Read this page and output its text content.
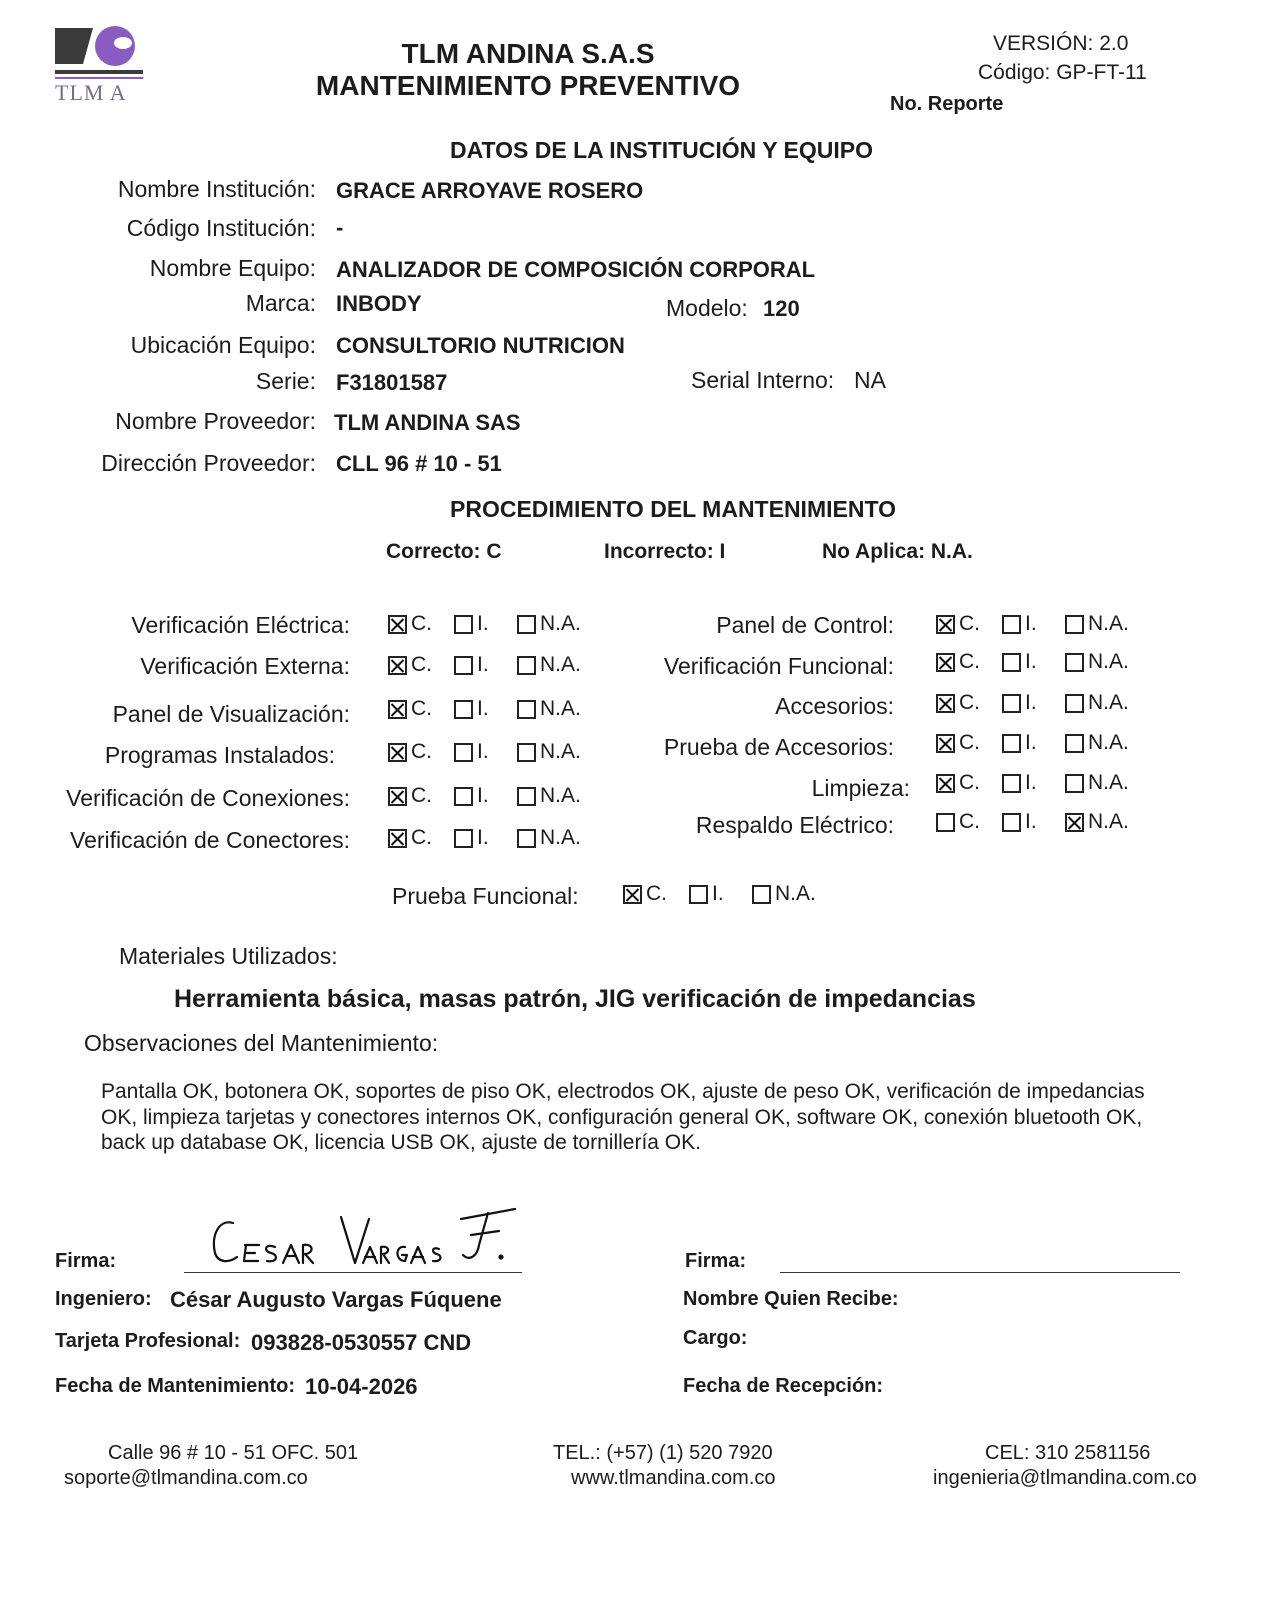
TLM A
TLM ANDINA S.A.S
MANTENIMIENTO PREVENTIVO
VERSIÓN: 2.0
Código: GP-FT-11
No. Reporte
DATOS DE LA INSTITUCIÓN Y EQUIPO
Nombre Institución: GRACE ARROYAVE ROSERO
Código Institución: -
Nombre Equipo: ANALIZADOR DE COMPOSICIÓN CORPORAL
Marca: INBODY	Modelo: 120
Ubicación Equipo: CONSULTORIO NUTRICION
Serie: F31801587	Serial Interno: NA
Nombre Proveedor: TLM ANDINA SAS
Dirección Proveedor: CLL 96 # 10 - 51
PROCEDIMIENTO DEL MANTENIMIENTO
Correcto: C	Incorrecto: I	No Aplica: N.A.
Verificación Eléctrica:	C. I. N.A.
Verificación Externa:	C. I. N.A.
Panel de Visualización:	C. I. N.A.
Programas Instalados:	C. I. N.A.
Verificación de Conexiones:	C. I. N.A.
Verificación de Conectores:	C. I. N.A.
Panel de Control:	C. I. N.A.
Verificación Funcional:	C. I. N.A.
Accesorios:	C. I. N.A.
Prueba de Accesorios:	C. I. N.A.
Limpieza: C. I. N.A.
Respaldo Eléctrico:	C. I. N.A.
Prueba Funcional:	C. I. N.A.
Materiales Utilizados:
Herramienta básica, masas patrón, JIG verificación de impedancias
Observaciones del Mantenimiento:
Pantalla OK, botonera OK, soportes de piso OK, electrodos OK, ajuste de peso OK, verificación de impedancias
OK, limpieza tarjetas y conectores internos OK, configuración general OK, software OK, conexión bluetooth OK,
back up database OK, licencia USB OK, ajuste de tornillería OK.
Firma:
Ingeniero: César Augusto Vargas Fúquene
Tarjeta Profesional: 093828-0530557 CND
Fecha de Mantenimiento: 10-04-2026
Firma:
Nombre Quien Recibe:
Cargo:
Fecha de Recepción:
Calle 96 # 10 - 51 OFC. 501
soporte@tlmandina.com.co
TEL.: (+57) (1) 520 7920
www.tlmandina.com.co
CEL: 310 2581156
ingenieria@tlmandina.com.co
